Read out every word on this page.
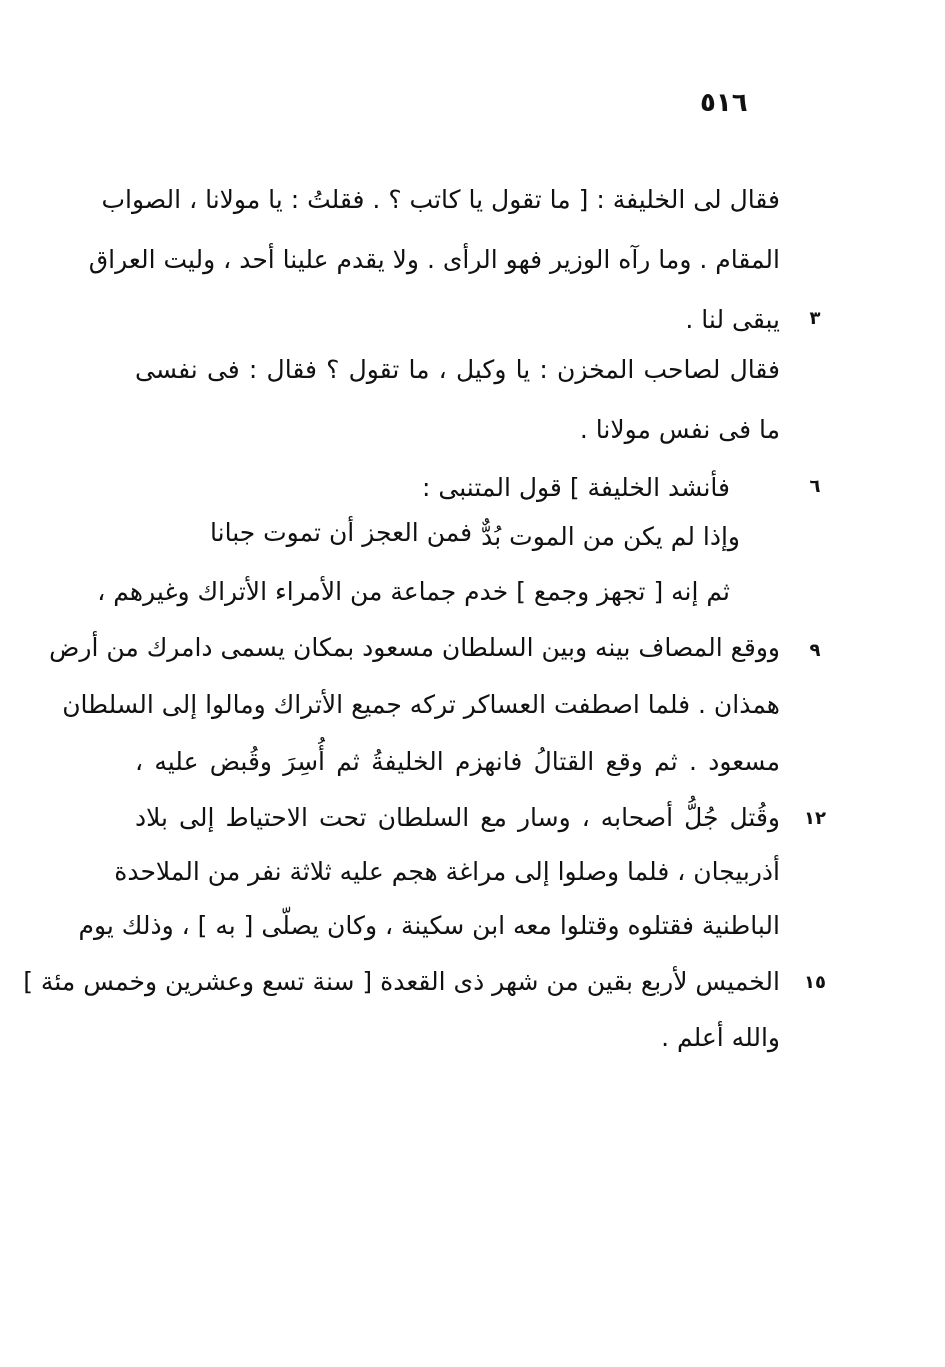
٥١٦
فقال لى الخليفة : [ ما تقول يا كاتب ؟ . فقلتُ : يا مولانا ، الصواب
المقام . وما رآه الوزير فهو الرأى . ولا يقدم علينا أحد ، وليت العراق
يبقى لنا .	٣
فقال لصاحب المخزن : يا وكيل ، ما تقول ؟ فقال : فى نفسى
ما فى نفس مولانا .
فأنشد الخليفة ] قول المتنبى :	٦
وإذا لم يكن من الموت بُدٌّ
فمن العجز أن تموت جبانا
ثم إنه [ تجهز وجمع ] خدم جماعة من الأمراء الأتراك وغيرهم ،
ووقع المصاف بينه وبين السلطان مسعود بمكان يسمى دامرك من أرض	٩
همذان . فلما اصطفت العساكر تركه جميع الأتراك ومالوا إلى السلطان
مسعود . ثم وقع القتالُ فانهزم الخليفةُ ثم أُسِرَ وقُبض عليه ،
وقُتل جُلُّ أصحابه ، وسار مع السلطان تحت الاحتياط إلى بلاد	١٢
أذربيجان ، فلما وصلوا إلى مراغة هجم عليه ثلاثة نفر من الملاحدة
الباطنية فقتلوه وقتلوا معه ابن سكينة ، وكان يصلّى [ به ] ، وذلك يوم
الخميس لأربع بقين من شهر ذى القعدة [ سنة تسع وعشرين وخمس مئة ]	١٥
والله أعلم .
